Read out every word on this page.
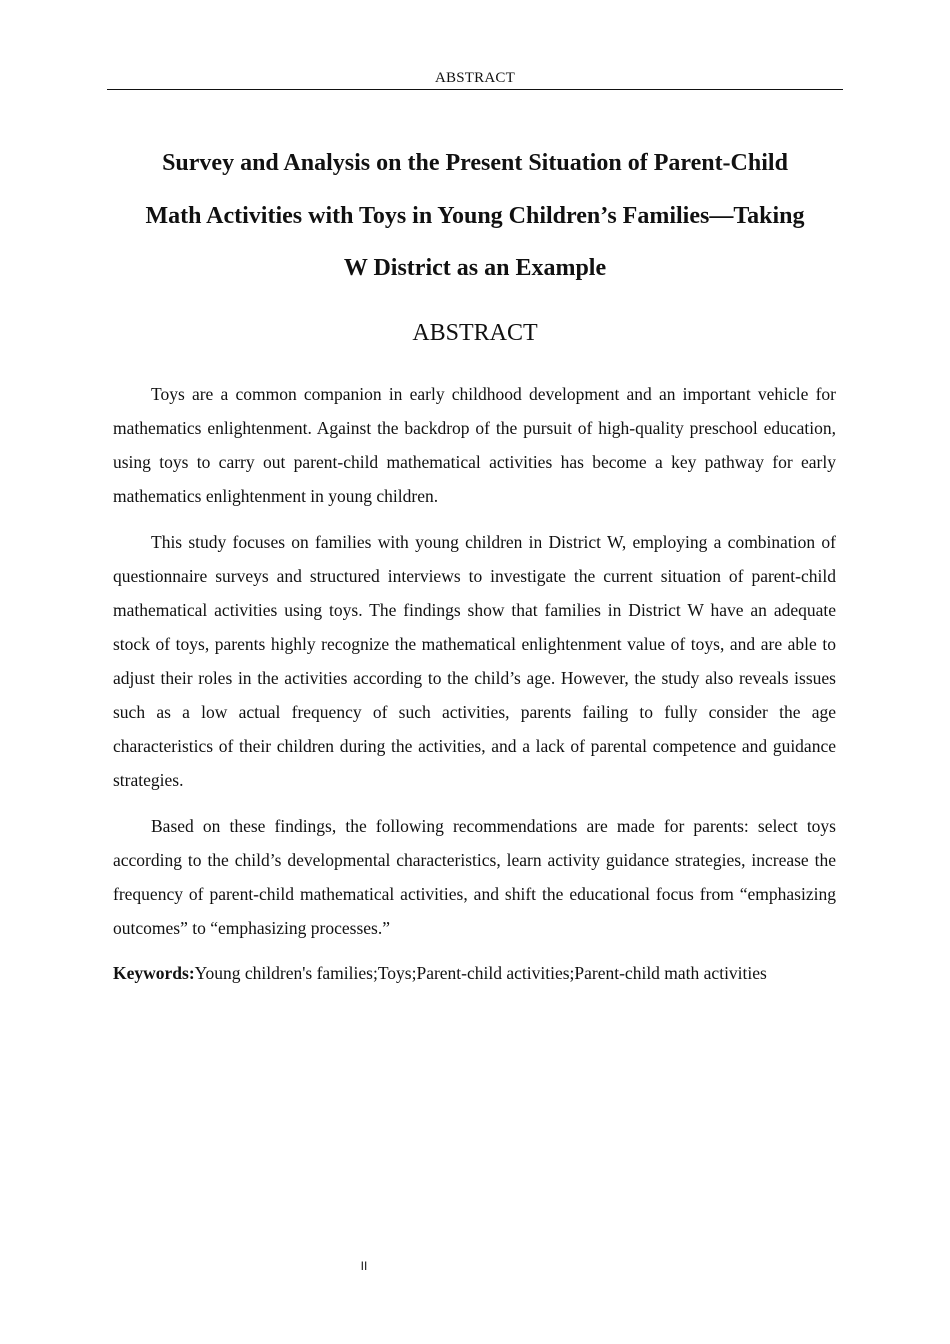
ABSTRACT
Survey and Analysis on the Present Situation of Parent-Child
Math Activities with Toys in Young Children’s Families—Taking
W District as an Example
ABSTRACT

Toys are a common companion in early childhood development and an important vehicle for mathematics enlightenment. Against the backdrop of the pursuit of high-quality preschool education, using toys to carry out parent-child mathematical activities has become a key pathway for early mathematics enlightenment in young children.

This study focuses on families with young children in District W, employing a combination of questionnaire surveys and structured interviews to investigate the current situation of parent-child mathematical activities using toys. The findings show that families in District W have an adequate stock of toys, parents highly recognize the mathematical enlightenment value of toys, and are able to adjust their roles in the activities according to the child’s age. However, the study also reveals issues such as a low actual frequency of such activities, parents failing to fully consider the age characteristics of their children during the activities, and a lack of parental competence and guidance strategies.

Based on these findings, the following recommendations are made for parents: select toys according to the child’s developmental characteristics, learn activity guidance strategies, increase the frequency of parent-child mathematical activities, and shift the educational focus from “emphasizing outcomes” to “emphasizing processes.”

Keywords:Young children's families;Toys;Parent-child activities;Parent-child math activities

II
